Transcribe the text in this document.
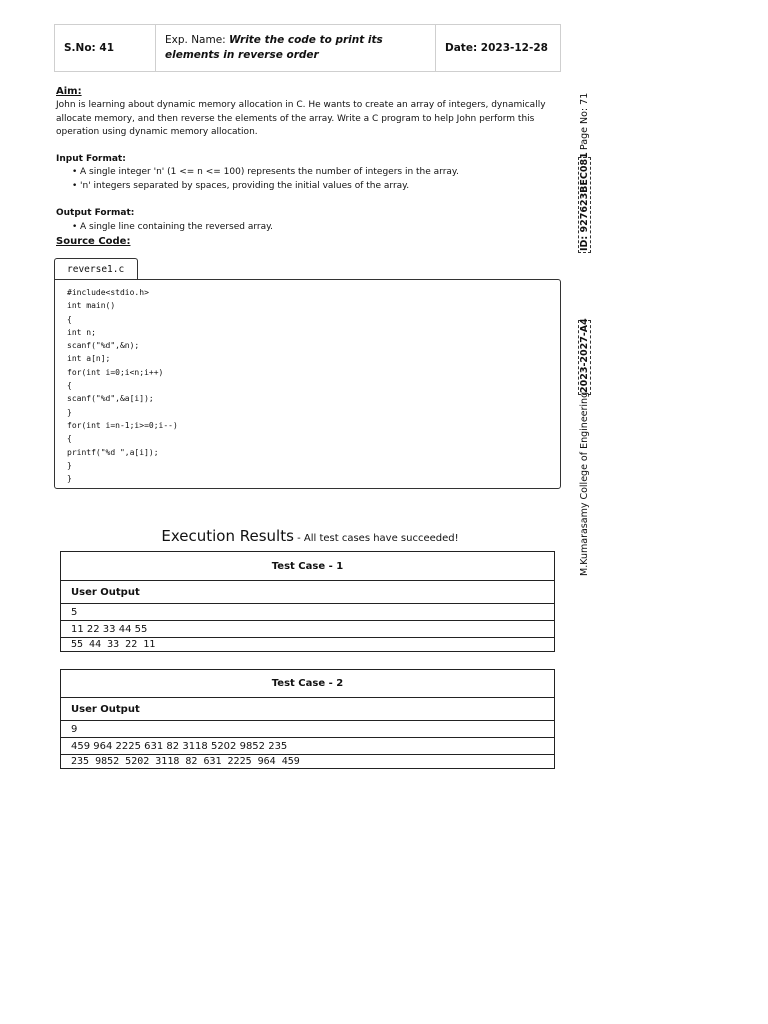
S.No: 41
Exp. Name: Write the code to print its elements in reverse order
Date: 2023-12-28
Aim:

John is learning about dynamic memory allocation in C. He wants to create an array of integers, dynamically allocate memory, and then reverse the elements of the array. Write a C program to help John perform this operation using dynamic memory allocation.

Input Format:
• A single integer 'n' (1 <= n <= 100) represents the number of integers in the array.
• 'n' integers separated by spaces, providing the initial values of the array.
Output Format:
• A single line containing the reversed array.
Source Code:
reverse1.c
#include<stdio.h>
int main()
{
int n;
scanf("%d",&n);
int a[n];
for(int i=0;i<n;i++)
{
scanf("%d",&a[i]);
}
for(int i=n-1;i>=0;i--)
{
printf("%d ",a[i]);
}
}
Execution Results - All test cases have succeeded!
Test Case - 1
User Output
5
11 22 33 44 55
55 44 33 22 11
Test Case - 2
User Output
9
459 964 2225 631 82 3118 5202 9852 235
235 9852 5202 3118 82 631 2225 964 459
Page No: 71
ID: 927623BEC081
2023-2027-A4
M.Kumarasamy College of Engineering
